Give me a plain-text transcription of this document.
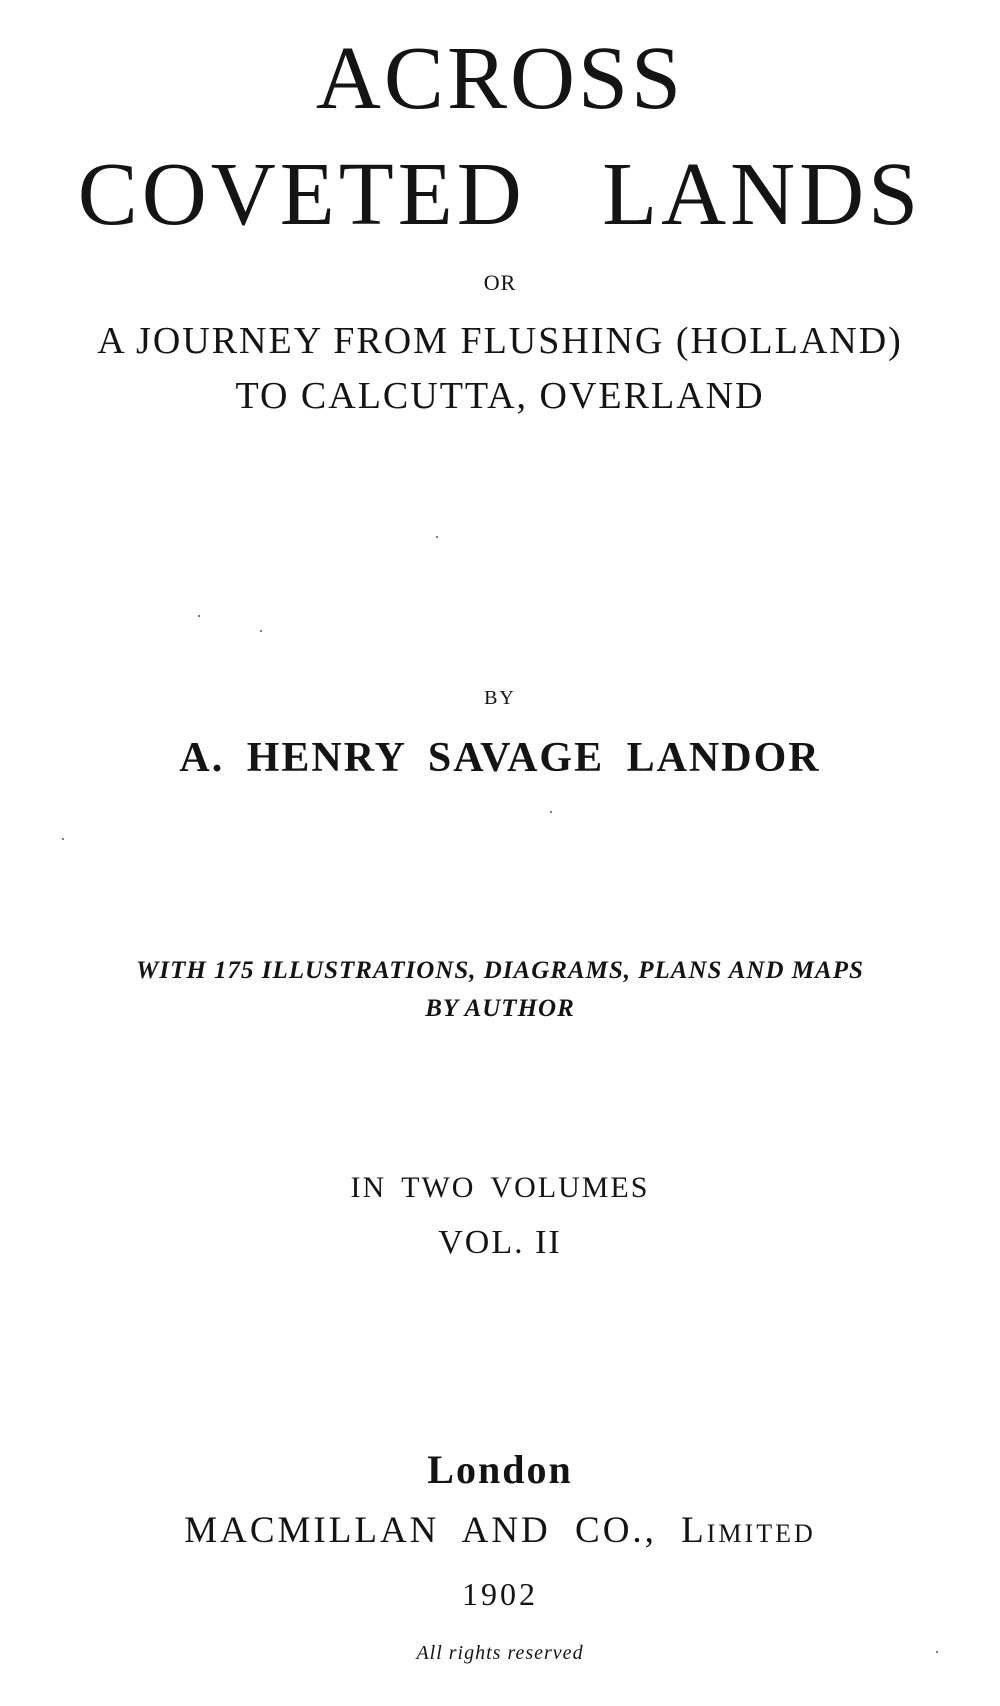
ACROSS
COVETED LANDS
OR
A JOURNEY FROM FLUSHING (HOLLAND)
TO CALCUTTA, OVERLAND
BY
A. HENRY SAVAGE LANDOR
WITH 175 ILLUSTRATIONS, DIAGRAMS, PLANS AND MAPS
BY AUTHOR
IN TWO VOLUMES
VOL. II
London
MACMILLAN AND CO., Limited
1902
All rights reserved
